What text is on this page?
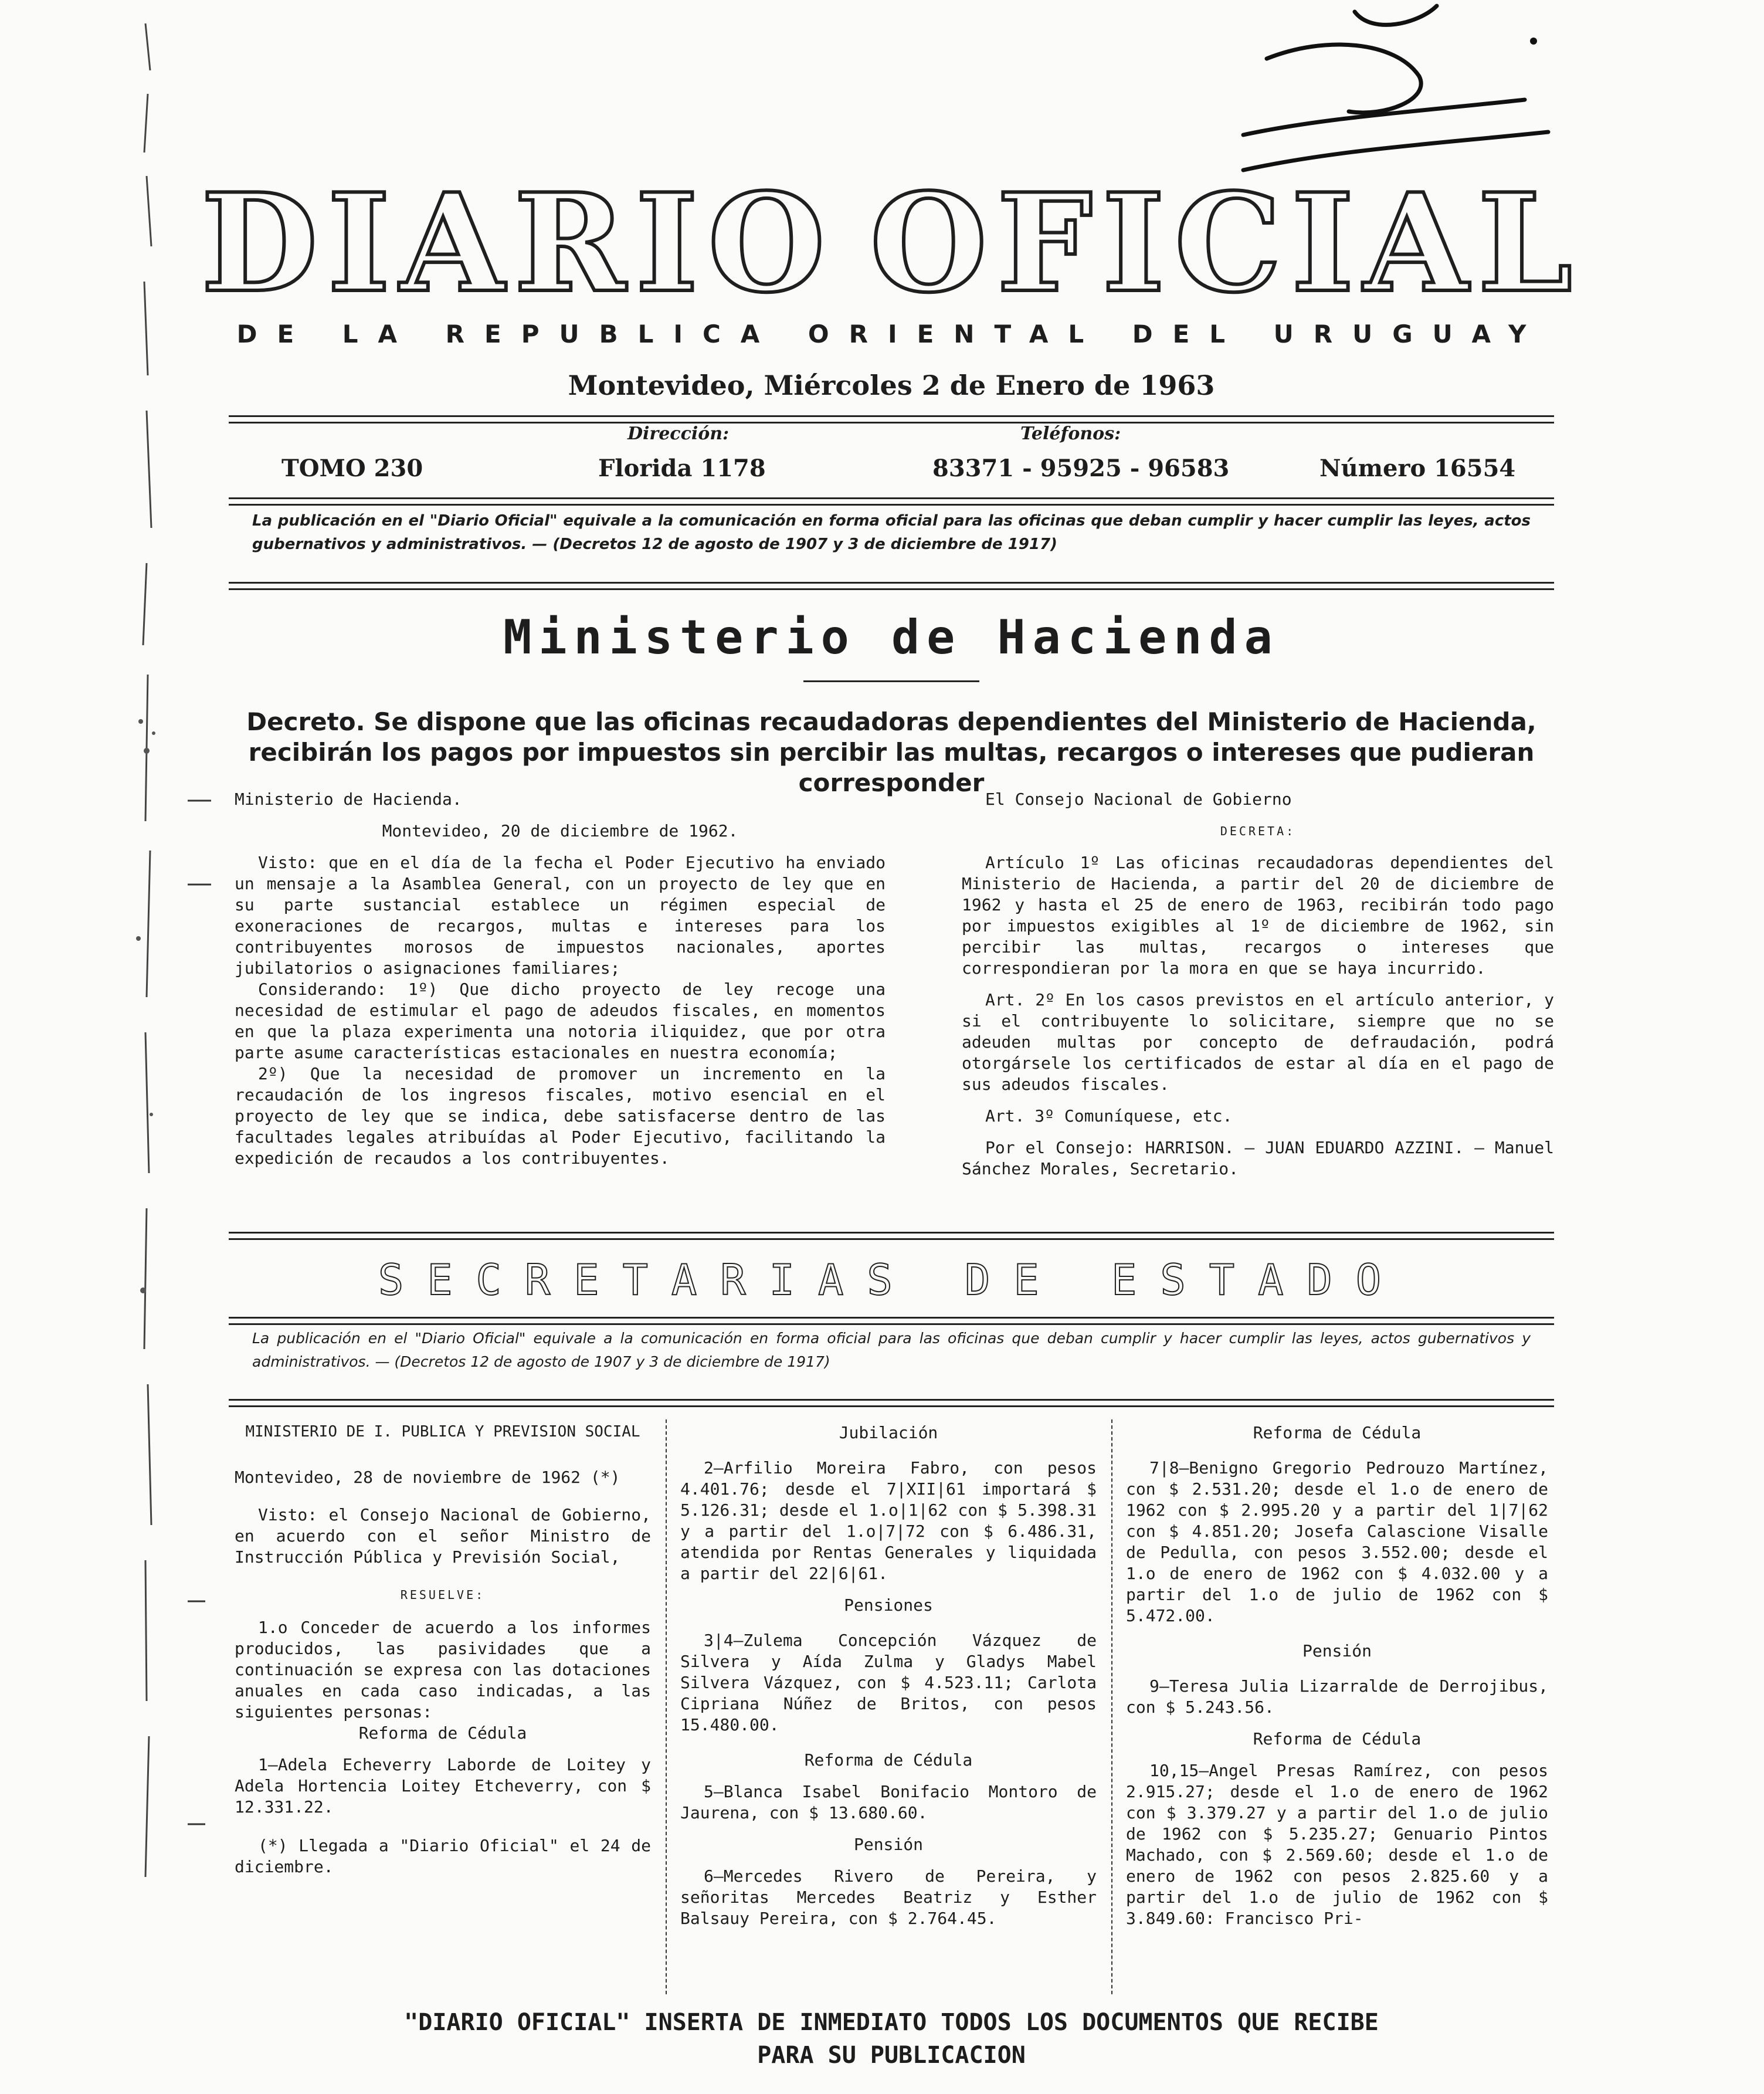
DIARIO OFICIAL
DE LA REPUBLICA ORIENTAL DEL URUGUAY
Montevideo, Miércoles 2 de Enero de 1963
Dirección:	Teléfonos:
TOMO 230	Florida 1178	83371 - 95925 - 96583	Número 16554
La publicación en el "Diario Oficial" equivale a la comunicación en forma oficial para las oficinas que deban cumplir y hacer cumplir las leyes, actos gubernativos y administrativos. — (Decretos 12 de agosto de 1907 y 3 de diciembre de 1917)
Ministerio de Hacienda
Decreto. Se dispone que las oficinas recaudadoras dependientes del Ministerio de Hacienda, recibirán los pagos por impuestos sin percibir las multas, recargos o intereses que pudieran corresponder

Ministerio de Hacienda.

Montevideo, 20 de diciembre de 1962.

Visto: que en el día de la fecha el Poder Ejecutivo ha enviado un mensaje a la Asamblea General, con un proyecto de ley que en su parte sustancial establece un régimen especial de exoneraciones de recargos, multas e intereses para los contribuyentes morosos de impuestos nacionales, aportes jubilatorios o asignaciones familiares;

Considerando: 1º) Que dicho proyecto de ley recoge una necesidad de estimular el pago de adeudos fiscales, en momentos en que la plaza experimenta una notoria iliquidez, que por otra parte asume características estacionales en nuestra economía;

2º) Que la necesidad de promover un incremento en la recaudación de los ingresos fiscales, motivo esencial en el proyecto de ley que se indica, debe satisfacerse dentro de las facultades legales atribuídas al Poder Ejecutivo, facilitando la expedición de recaudos a los contribuyentes.

El Consejo Nacional de Gobierno

DECRETA:

Artículo 1º Las oficinas recaudadoras dependientes del Ministerio de Hacienda, a partir del 20 de diciembre de 1962 y hasta el 25 de enero de 1963, recibirán todo pago por impuestos exigibles al 1º de diciembre de 1962, sin percibir las multas, recargos o intereses que correspondieran por la mora en que se haya incurrido.

Art. 2º En los casos previstos en el artículo anterior, y si el contribuyente lo solicitare, siempre que no se adeuden multas por concepto de defraudación, podrá otorgársele los certificados de estar al día en el pago de sus adeudos fiscales.

Art. 3º Comuníquese, etc.

Por el Consejo: HARRISON. — JUAN EDUARDO AZZINI. — Manuel Sánchez Morales, Secretario.

SECRETARIAS DE ESTADO
La publicación en el "Diario Oficial" equivale a la comunicación en forma oficial para las oficinas que deban cumplir y hacer cumplir las leyes, actos gubernativos y administrativos. — (Decretos 12 de agosto de 1907 y 3 de diciembre de 1917)

MINISTERIO DE I. PUBLICA Y PREVISION SOCIAL

Montevideo, 28 de noviembre de 1962 (*)

Visto: el Consejo Nacional de Gobierno, en acuerdo con el señor Ministro de Instrucción Pública y Previsión Social,

RESUELVE:

1.o Conceder de acuerdo a los informes producidos, las pasividades que a continuación se expresa con las dotaciones anuales en cada caso indicadas, a las siguientes personas:

Reforma de Cédula

1—Adela Echeverry Laborde de Loitey y Adela Hortencia Loitey Etcheverry, con $ 12.331.22.

(*) Llegada a "Diario Oficial" el 24 de diciembre.

Jubilación

2—Arfilio Moreira Fabro, con pesos 4.401.76; desde el 7|XII|61 importará $ 5.126.31; desde el 1.o|1|62 con $ 5.398.31 y a partir del 1.o|7|72 con $ 6.486.31, atendida por Rentas Generales y liquidada a partir del 22|6|61.

Pensiones

3|4—Zulema Concepción Vázquez de Silvera y Aída Zulma y Gladys Mabel Silvera Vázquez, con $ 4.523.11; Carlota Cipriana Núñez de Britos, con pesos 15.480.00.

Reforma de Cédula

5—Blanca Isabel Bonifacio Montoro de Jaurena, con $ 13.680.60.

Pensión

6—Mercedes Rivero de Pereira, y señoritas Mercedes Beatriz y Esther Balsauy Pereira, con $ 2.764.45.

Reforma de Cédula

7|8—Benigno Gregorio Pedrouzo Martínez, con $ 2.531.20; desde el 1.o de enero de 1962 con $ 2.995.20 y a partir del 1|7|62 con $ 4.851.20; Josefa Calascione Visalle de Pedulla, con pesos 3.552.00; desde el 1.o de enero de 1962 con $ 4.032.00 y a partir del 1.o de julio de 1962 con $ 5.472.00.

Pensión

9—Teresa Julia Lizarralde de Derrojibus, con $ 5.243.56.

Reforma de Cédula

10,15—Angel Presas Ramírez, con pesos 2.915.27; desde el 1.o de enero de 1962 con $ 3.379.27 y a partir del 1.o de julio de 1962 con $ 5.235.27; Genuario Pintos Machado, con $ 2.569.60; desde el 1.o de enero de 1962 con pesos 2.825.60 y a partir del 1.o de julio de 1962 con $ 3.849.60: Francisco Pri-

"DIARIO OFICIAL" INSERTA DE INMEDIATO TODOS LOS DOCUMENTOS QUE RECIBE
PARA SU PUBLICACION
